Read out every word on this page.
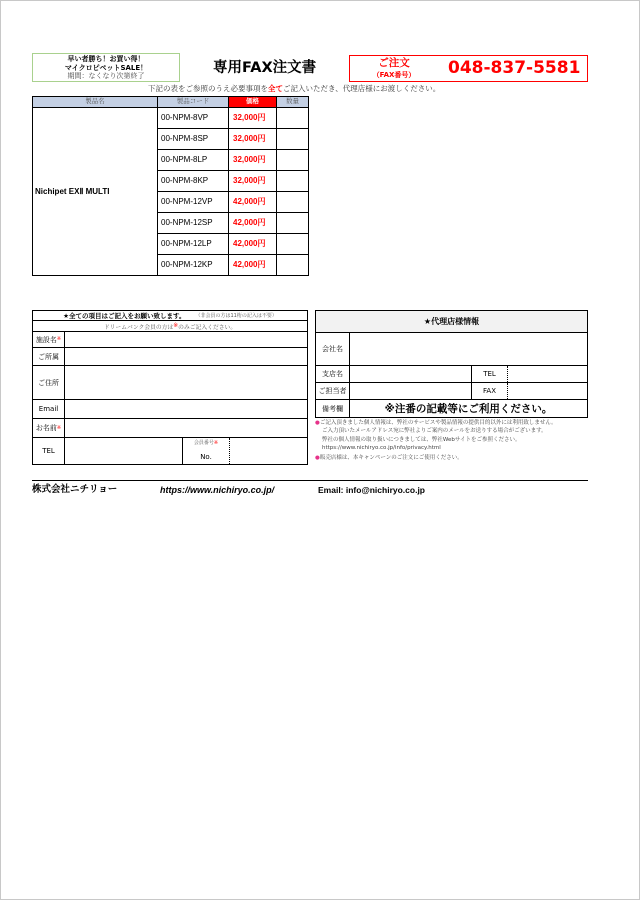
早い者勝ち！お買い得！
マイクロピペットSALE！
期間：なくなり次第終了
専用FAX注文書	ご注文
（FAX番号）	048-837-5581
下記の表をご参照のうえ必要事項を全てご記入いただき、代理店様にお渡しください。
製品名	製品コード	価格	数量
Nichipet EXⅡ MULTI	00-NPM-8VP	32,000円	
	00-NPM-8SP	32,000円	
	00-NPM-8LP	32,000円	
	00-NPM-8KP	32,000円	
	00-NPM-12VP	42,000円	
	00-NPM-12SP	42,000円	
	00-NPM-12LP	42,000円	
	00-NPM-12KP	42,000円	
★全ての項目はご記入をお願い致します。 （非会員の方は11桁の記入は不要）
ドリームバンク会員の方は ※ のみご記入ください。
施設名 ※
ご所属
ご住所
Email
お名前 ※
TEL
会員番号※
No.
★代理店様情報
会社名
支店名	TEL
ご担当者	FAX
備考欄	※注番の記載等にご利用ください。
●ご記入頂きました個人情報は、弊社のサービスや製品情報の提供目的以外には利用致しません。
ご入力頂いたメールアドレス宛に弊社よりご案内のメールをお送りする場合がございます。
弊社の個人情報の取り扱いにつきましては、弊社Webサイトをご参照ください。
https://www.nichiryo.co.jp/info/privacy.html
●販売店様は、本キャンペーンのご注文にご使用ください。
株式会社ニチリョー	https://www.nichiryo.co.jp/	Email: info@nichiryo.co.jp
